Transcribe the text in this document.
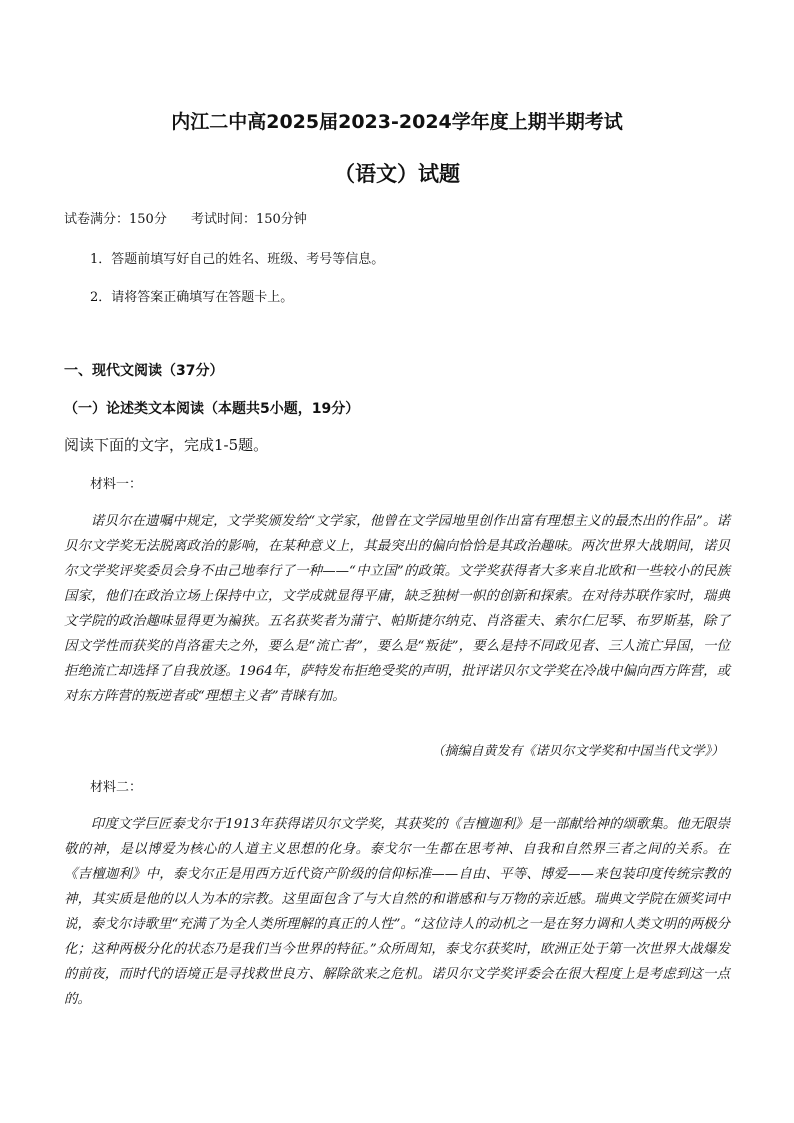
内江二中高2025届2023-2024学年度上期半期考试
（语文）试题
试卷满分：150分 考试时间：150分钟
1．答题前填写好自己的姓名、班级、考号等信息。
2．请将答案正确填写在答题卡上。
一、现代文阅读（37分）
（一）论述类文本阅读（本题共5小题，19分）
阅读下面的文字，完成1-5题。
材料一：
诺贝尔在遗嘱中规定，文学奖颁发给“文学家，他曾在文学园地里创作出富有理想主义的最杰出的作品”。诺贝尔文学奖无法脱离政治的影响，在某种意义上，其最突出的偏向恰恰是其政治趣味。两次世界大战期间，诺贝尔文学奖评奖委员会身不由己地奉行了一种——“中立国”的政策。文学奖获得者大多来自北欧和一些较小的民族国家，他们在政治立场上保持中立，文学成就显得平庸，缺乏独树一帜的创新和探索。在对待苏联作家时，瑞典文学院的政治趣味显得更为褊狭。五名获奖者为蒲宁、帕斯捷尔纳克、肖洛霍夫、索尔仁尼琴、布罗斯基，除了因文学性而获奖的肖洛霍夫之外，要么是“流亡者”，要么是“叛徒”，要么是持不同政见者、三人流亡异国，一位拒绝流亡却选择了自我放逐。1964年，萨特发布拒绝受奖的声明，批评诺贝尔文学奖在冷战中偏向西方阵营，或对东方阵营的叛逆者或“理想主义者”青睐有加。
（摘编自黄发有《诺贝尔文学奖和中国当代文学》）
材料二：
印度文学巨匠泰戈尔于1913年获得诺贝尔文学奖，其获奖的《吉檀迦利》是一部献给神的颂歌集。他无限崇敬的神，是以博爱为核心的人道主义思想的化身。泰戈尔一生都在思考神、自我和自然界三者之间的关系。在《吉檀迦利》中，泰戈尔正是用西方近代资产阶级的信仰标准——自由、平等、博爱——来包装印度传统宗教的神，其实质是他的以人为本的宗教。这里面包含了与大自然的和谐感和与万物的亲近感。瑞典文学院在颁奖词中说，泰戈尔诗歌里“充满了为全人类所理解的真正的人性”。“这位诗人的动机之一是在努力调和人类文明的两极分化；这种两极分化的状态乃是我们当今世界的特征。”众所周知，泰戈尔获奖时，欧洲正处于第一次世界大战爆发的前夜，而时代的语境正是寻找救世良方、解除欲来之危机。诺贝尔文学奖评委会在很大程度上是考虑到这一点的。
